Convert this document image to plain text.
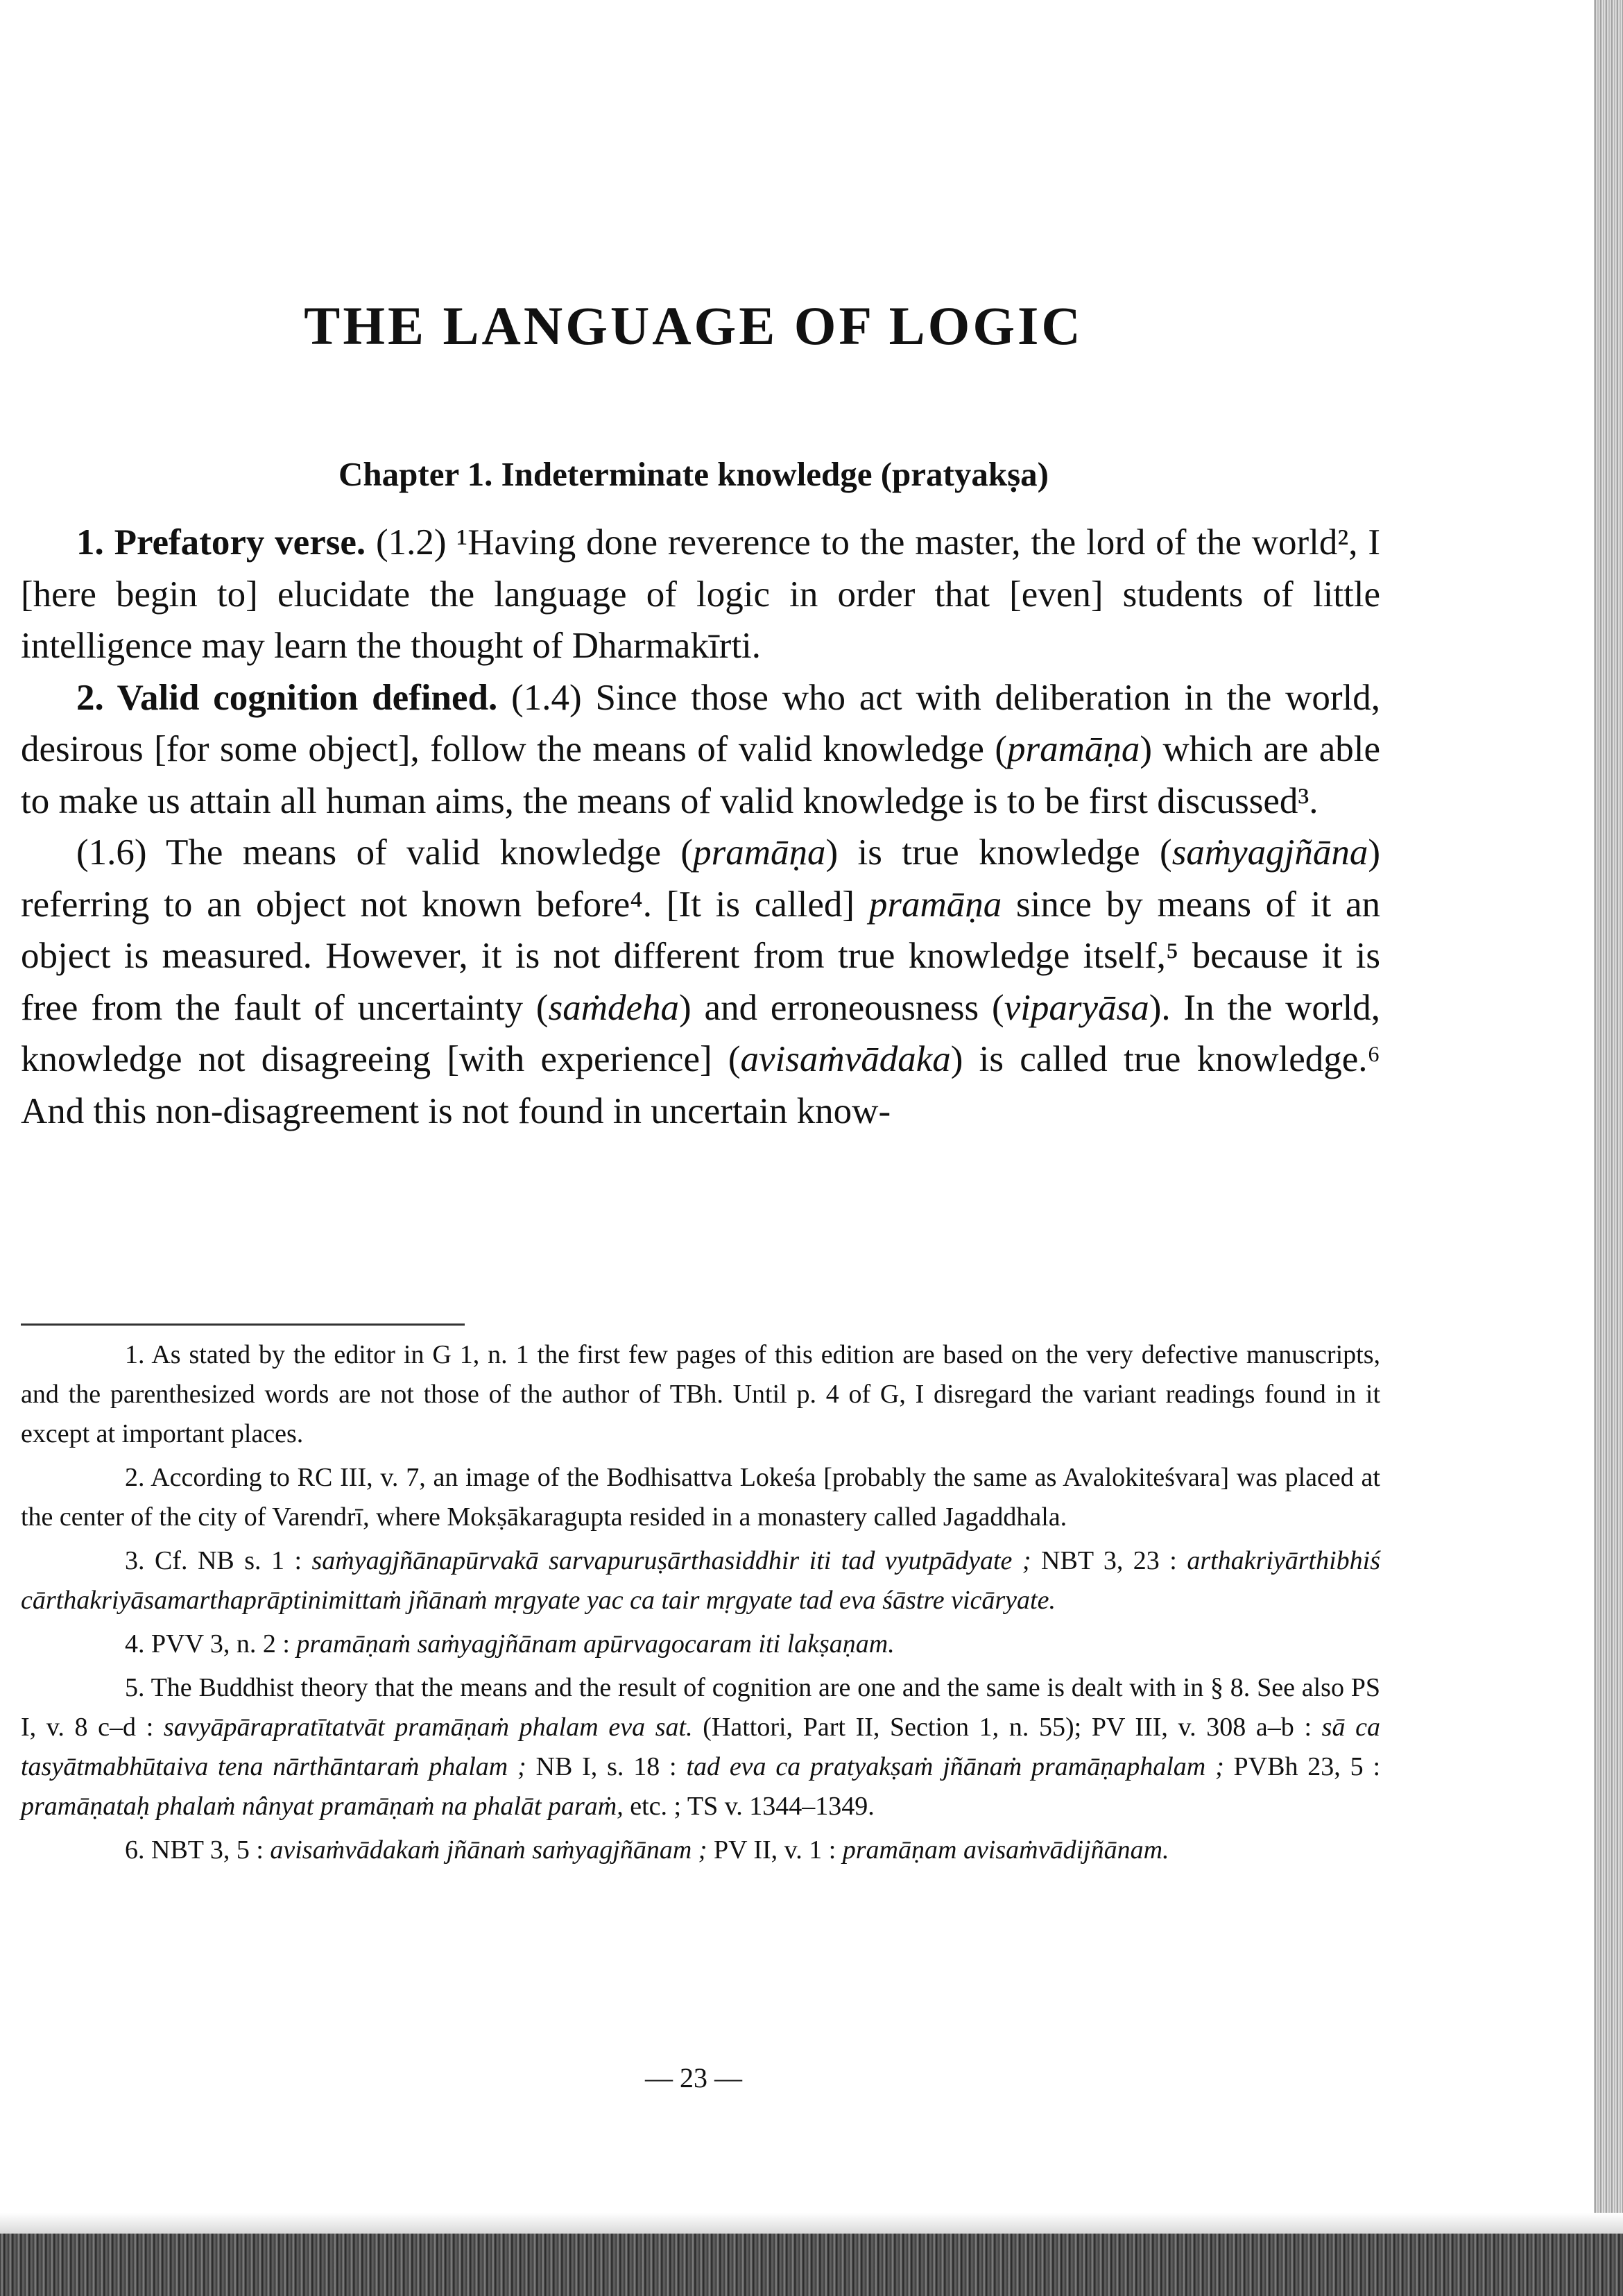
THE LANGUAGE OF LOGIC
Chapter 1. Indeterminate knowledge (pratyakṣa)

1. Prefatory verse. (1.2) ¹Having done reverence to the master, the lord of the world², I [here begin to] elucidate the language of logic in order that [even] students of little intelligence may learn the thought of Dharmakīrti.

2. Valid cognition defined. (1.4) Since those who act with deliberation in the world, desirous [for some object], follow the means of valid knowledge (pramāṇa) which are able to make us attain all human aims, the means of valid knowledge is to be first discussed³.

(1.6) The means of valid knowledge (pramāṇa) is true knowledge (saṁyagjñāna) referring to an object not known before⁴. [It is called] pramāṇa since by means of it an object is measured. However, it is not different from true knowledge itself,⁵ because it is free from the fault of uncertainty (saṁdeha) and erroneousness (viparyāsa). In the world, knowledge not disagreeing [with experience] (avisaṁvādaka) is called true knowledge.⁶ And this non-disagreement is not found in uncertain know-

1. As stated by the editor in G 1, n. 1 the first few pages of this edition are based on the very defective manuscripts, and the parenthesized words are not those of the author of TBh. Until p. 4 of G, I disregard the variant readings found in it except at important places.

2. According to RC III, v. 7, an image of the Bodhisattva Lokeśa [probably the same as Avalokiteśvara] was placed at the center of the city of Varendrī, where Mokṣākaragupta resided in a monastery called Jagaddhala.

3. Cf. NB s. 1 : saṁyagjñānapūrvakā sarvapuruṣārthasiddhir iti tad vyutpādyate ; NBT 3, 23 : arthakriyārthibhiś cārthakriyāsamarthaprāptinimittaṁ jñānaṁ mṛgyate yac ca tair mṛgyate tad eva śāstre vicāryate.

4. PVV 3, n. 2 : pramāṇaṁ saṁyagjñānam apūrvagocaram iti lakṣaṇam.

5. The Buddhist theory that the means and the result of cognition are one and the same is dealt with in § 8. See also PS I, v. 8 c–d : savyāpārapratītatvāt pramāṇaṁ phalam eva sat. (Hattori, Part II, Section 1, n. 55); PV III, v. 308 a–b : sā ca tasyātmabhūtaiva tena nārthāntaraṁ phalam ; NB I, s. 18 : tad eva ca pratyakṣaṁ jñānaṁ pramāṇaphalam ; PVBh 23, 5 : pramāṇataḥ phalaṁ nânyat pramāṇaṁ na phalāt paraṁ, etc. ; TS v. 1344–1349.

6. NBT 3, 5 : avisaṁvādakaṁ jñānaṁ saṁyagjñānam ; PV II, v. 1 : pramāṇam avisaṁvādijñānam.

— 23 —
